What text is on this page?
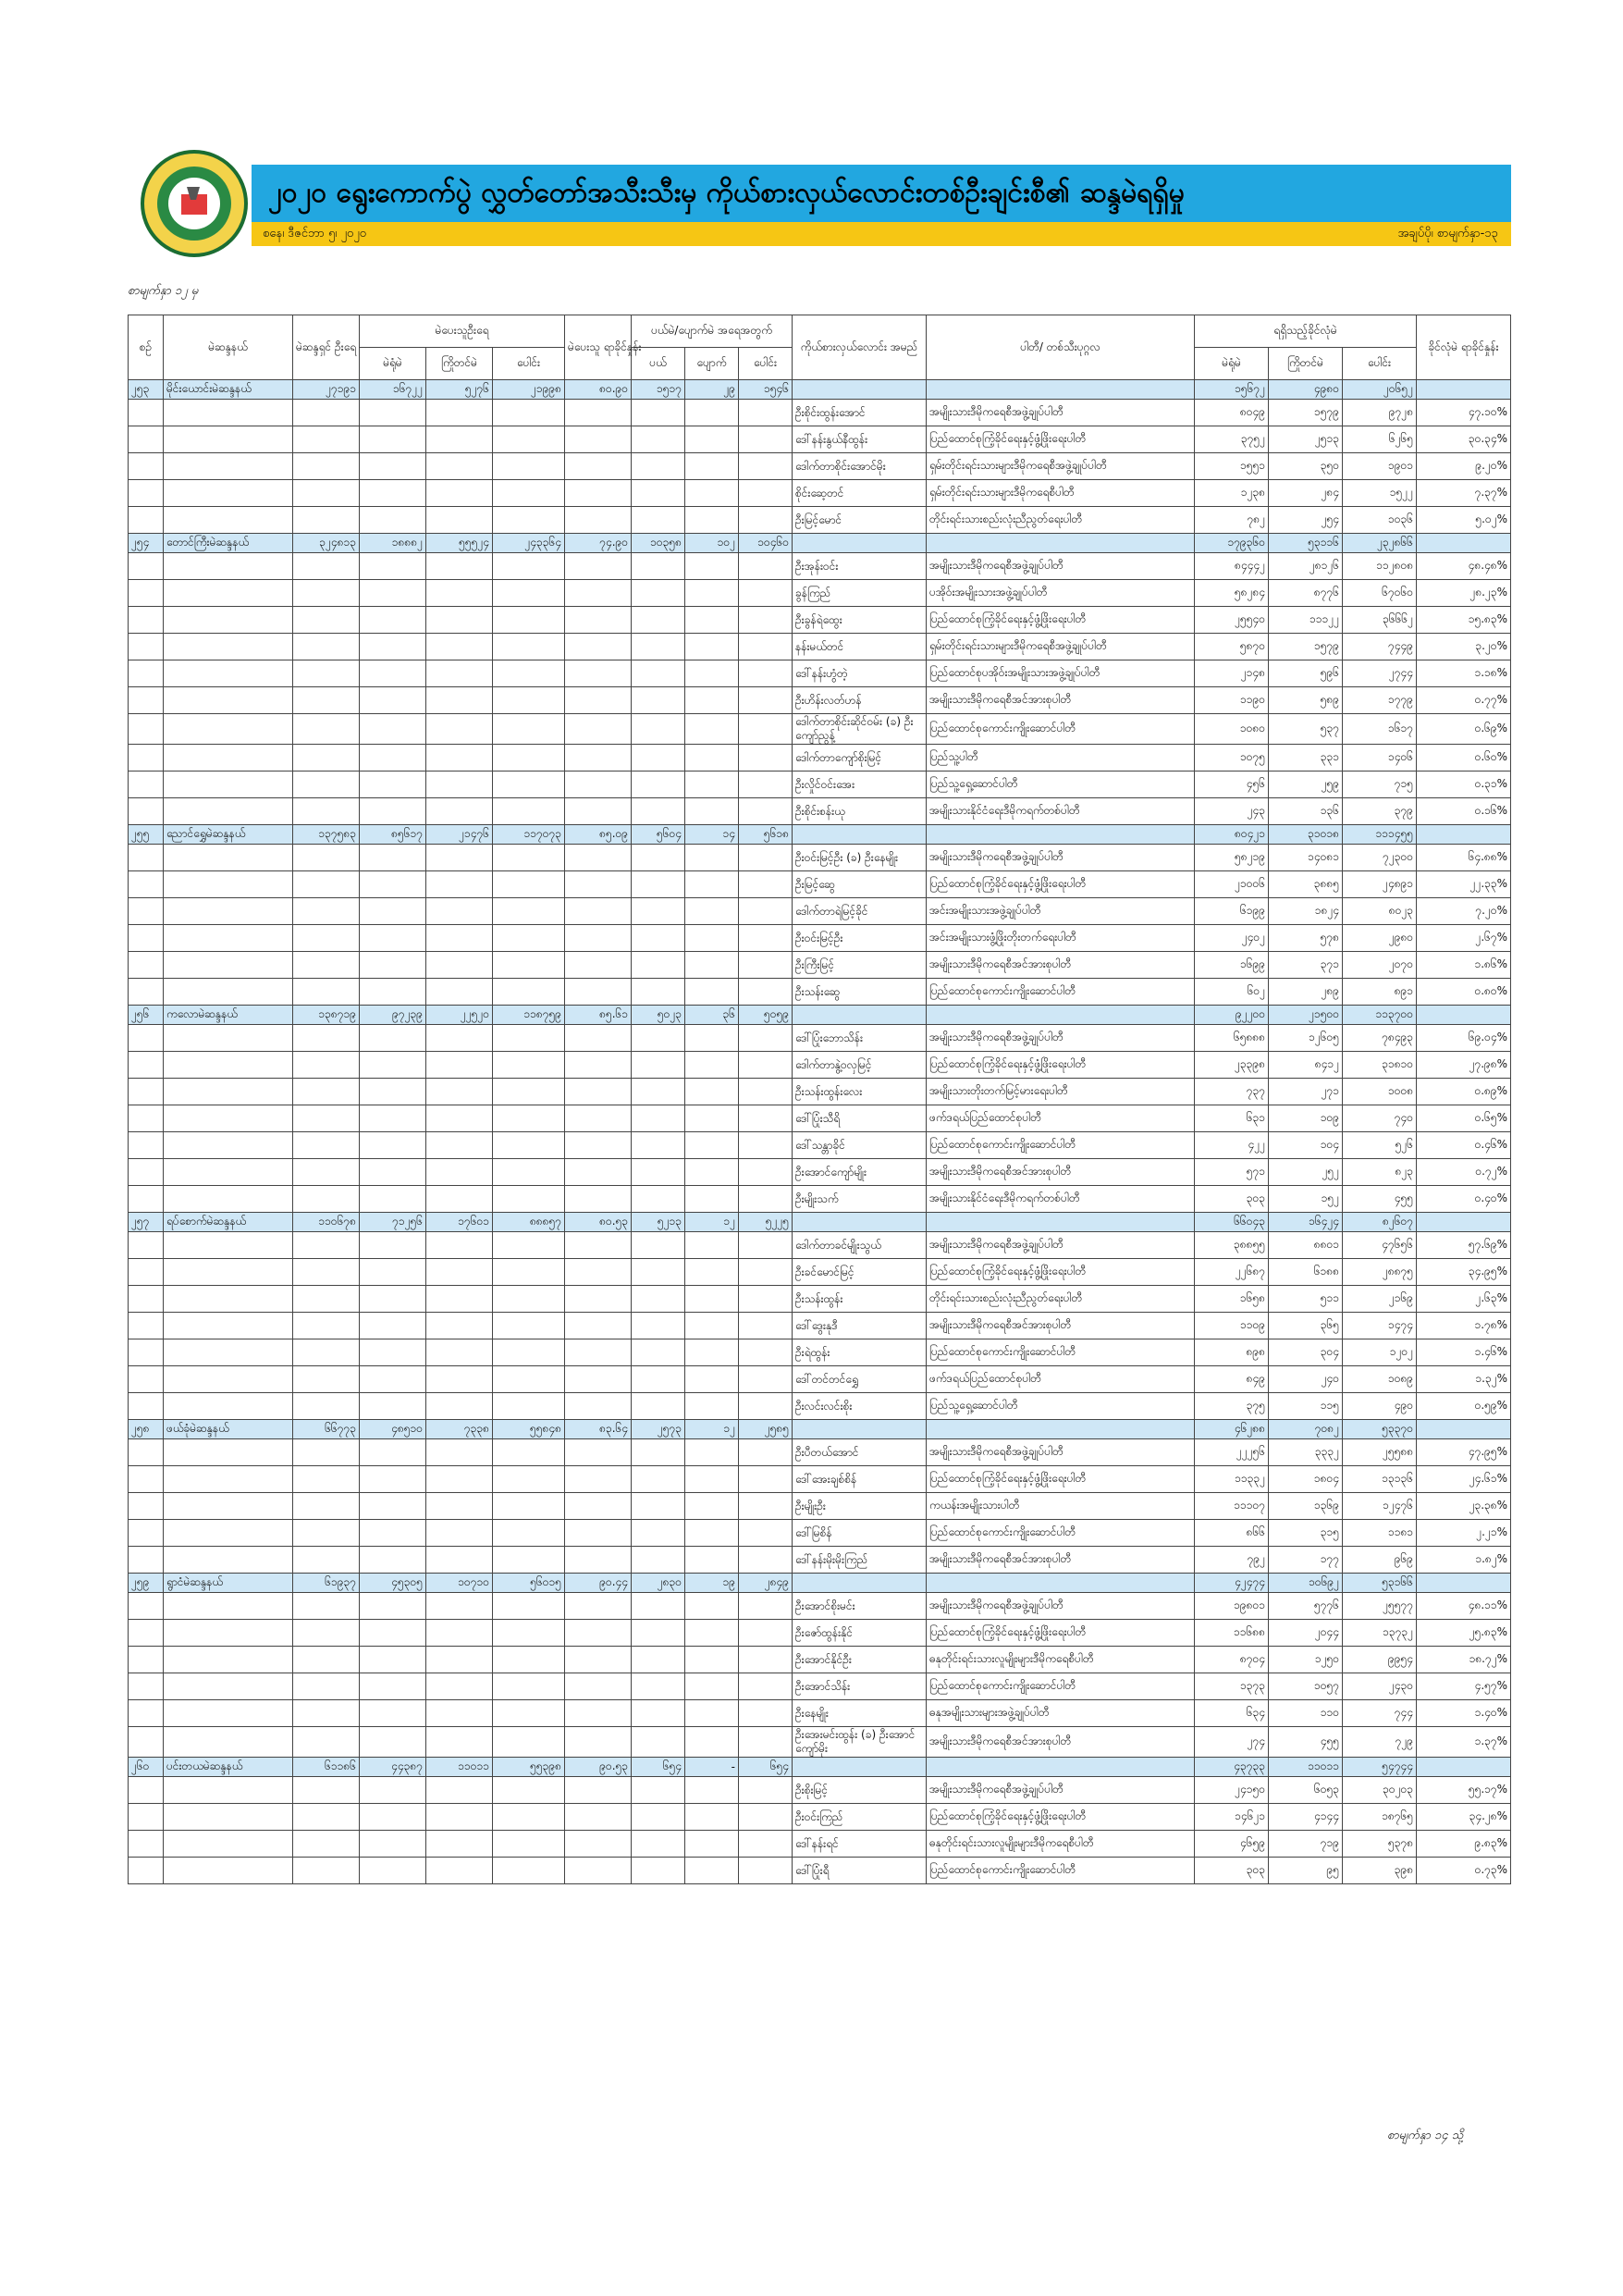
၂၀၂၀ ရွေးကောက်ပွဲ လွှတ်တော်အသီးသီးမှ ကိုယ်စားလှယ်လောင်းတစ်ဦးချင်းစီ၏ ဆန္ဒမဲရရှိမှု
စနေ၊ ဒီဇင်ဘာ ၅၊ ၂၀၂၀	အချပ်ပို၊ စာမျက်နှာ-၁၃
စာမျက်နှာ ၁၂ မှ
စဉ်	မဲဆန္ဒနယ်	မဲဆန္ဒရှင် ဦးရေ	မဲပေးသူဦးရေ			မဲပေးသူ ရာခိုင်နှုန်း	ပယ်မဲ/ပျောက်မဲ အရေအတွက်			ကိုယ်စားလှယ်လောင်း အမည်	ပါတီ/ တစ်သီးပုဂ္ဂလ	ရရှိသည့်ခိုင်လုံမဲ			ခိုင်လုံမဲ ရာခိုင်နှုန်း
			မဲရုံမဲ	ကြိုတင်မဲ	ပေါင်း		ပယ်	ပျောက်	ပေါင်း			မဲရုံမဲ	ကြိုတင်မဲ	ပေါင်း	
၂၅၃	မိုင်းယောင်းမဲဆန္ဒနယ်	၂၇၁၉၁	၁၆၇၂၂	၅၂၇၆	၂၁၉၉၈	၈၀.၉၀	၁၅၁၇	၂၉	၁၅၄၆			၁၅၆၇၂	၄၉၈၀	၂၀၆၅၂	
										ဦးစိုင်းထွန်းအောင်	အမျိုးသားဒီမိုကရေစီအဖွဲ့ချုပ်ပါတီ	၈၀၄၉	၁၅၇၉	၉၇၂၈	၄၇.၁၀%
										ဒေါ်နန်းနွယ်နီထွန်း	ပြည်ထောင်စုကြံ့ခိုင်ရေးနှင့်ဖွံ့ဖြိုးရေးပါတီ	၃၇၅၂	၂၅၁၃	၆၂၆၅	၃၀.၃၄%
										ဒေါက်တာစိုင်းအောင်မိုး	ရှမ်းတိုင်းရင်းသားများဒီမိုကရေစီအဖွဲ့ချုပ်ပါတီ	၁၅၅၁	၃၅၀	၁၉၀၁	၉.၂၀%
										စိုင်းဆေ့တင်	ရှမ်းတိုင်းရင်းသားများဒီမိုကရေစီပါတီ	၁၂၃၈	၂၈၄	၁၅၂၂	၇.၃၇%
										ဦးမြင့်မောင်	တိုင်းရင်းသားစည်းလုံးညီညွတ်ရေးပါတီ	၇၈၂	၂၅၄	၁၀၃၆	၅.၀၂%
၂၅၄	တောင်ကြီးမဲဆန္ဒနယ်	၃၂၄၈၁၃	၁၈၈၈၂	၅၅၅၂၄	၂၄၃၃၆၄	၇၄.၉၀	၁၀၃၅၈	၁၀၂	၁၀၄၆၀			၁၇၉၃၆၀	၅၃၁၁၆	၂၃၂၈၆၆	
										ဦးအုန်းဝင်း	အမျိုးသားဒီမိုကရေစီအဖွဲ့ချုပ်ပါတီ	၈၄၄၄၂	၂၈၁၂၆	၁၁၂၈၀၈	၄၈.၄၈%
										ခွန်ကြည်	ပအိုဝ်းအမျိုးသားအဖွဲ့ချုပ်ပါတီ	၅၈၂၈၄	၈၇၇၆	၆၇၀၆၀	၂၈.၂၃%
										ဦးခွန်ရဲထွေး	ပြည်ထောင်စုကြံ့ခိုင်ရေးနှင့်ဖွံ့ဖြိုးရေးပါတီ	၂၅၅၄၀	၁၁၁၂၂	၃၆၆၆၂	၁၅.၈၃%
										နန်းမယ်တင်	ရှမ်းတိုင်းရင်းသားများဒီမိုကရေစီအဖွဲ့ချုပ်ပါတီ	၅၈၇၀	၁၅၇၉	၇၄၄၉	၃.၂၀%
										ဒေါ်နန်းဟွံတဲ့	ပြည်ထောင်စုပအိုဝ်းအမျိုးသားအဖွဲ့ချုပ်ပါတီ	၂၁၄၈	၅၉၆	၂၇၄၄	၁.၁၈%
										ဦးဟိန်းလတ်ဟန်	အမျိုးသားဒီမိုကရေစီအင်အားစုပါတီ	၁၁၉၀	၅၈၉	၁၇၇၉	၀.၇၇%
										ဒေါက်တာစိုင်းဆိုင်ဝမ်း (ခ) ဦးကျော်ညွန့်	ပြည်ထောင်စုကောင်းကျိုးဆောင်ပါတီ	၁၀၈၀	၅၃၇	၁၆၁၇	၀.၆၉%
										ဒေါက်တာကျော်စိုးမြင့်	ပြည်သူ့ပါတီ	၁၀၇၅	၃၃၁	၁၄၀၆	၀.၆၀%
										ဦးလှိုင်ဝင်းအေး	ပြည်သူ့ရှေ့ဆောင်ပါတီ	၄၅၆	၂၅၉	၇၁၅	၀.၃၁%
										ဦးစိုင်းစန်းယု	အမျိုးသားနိုင်ငံရေးဒီမိုကရက်တစ်ပါတီ	၂၄၃	၁၃၆	၃၇၉	၀.၁၆%
၂၅၅	ညောင်ရွှေမဲဆန္ဒနယ်	၁၃၇၅၈၃	၈၅၆၁၇	၂၁၄၇၆	၁၁၇၀၇၃	၈၅.၀၉	၅၆၀၄	၁၄	၅၆၁၈			၈၀၄၂၁	၃၁၀၁၈	၁၁၁၄၅၅	
										ဦးဝင်းမြင့်ဦး (ခ) ဦးနေမျိုး	အမျိုးသားဒီမိုကရေစီအဖွဲ့ချုပ်ပါတီ	၅၈၂၁၉	၁၄၀၈၁	၇၂၃၀၀	၆၄.၈၈%
										ဦးမြင့်ဆွေ	ပြည်ထောင်စုကြံ့ခိုင်ရေးနှင့်ဖွံ့ဖြိုးရေးပါတီ	၂၁၀၀၆	၃၈၈၅	၂၄၈၉၁	၂၂.၃၃%
										ဒေါက်တာရဲမြင့်ခိုင်	အင်းအမျိုးသားအဖွဲ့ချုပ်ပါတီ	၆၁၉၉	၁၈၂၄	၈၀၂၃	၇.၂၀%
										ဦးဝင်းမြင့်ဦး	အင်းအမျိုးသားဖွံ့ဖြိုးတိုးတက်ရေးပါတီ	၂၄၀၂	၅၇၈	၂၉၈၀	၂.၆၇%
										ဦးကြီးမြင့်	အမျိုးသားဒီမိုကရေစီအင်အားစုပါတီ	၁၆၉၉	၃၇၁	၂၀၇၀	၁.၈၆%
										ဦးသန်းဆွေ	ပြည်ထောင်စုကောင်းကျိုးဆောင်ပါတီ	၆၀၂	၂၈၉	၈၉၁	၀.၈၀%
၂၅၆	ကလောမဲဆန္ဒနယ်	၁၃၈၇၁၉	၉၇၂၃၉	၂၂၅၂၀	၁၁၈၇၅၉	၈၅.၆၁	၅၀၂၃	၃၆	၅၀၅၉			၉၂၂၀၀	၂၁၅၀၀	၁၁၃၇၀၀	
										ဒေါ်ပြုံးဘောသိန်း	အမျိုးသားဒီမိုကရေစီအဖွဲ့ချုပ်ပါတီ	၆၅၈၈၈	၁၂၆၀၅	၇၈၄၉၃	၆၉.၀၄%
										ဒေါက်တာနွဲ့ဝလှမြင့်	ပြည်ထောင်စုကြံ့ခိုင်ရေးနှင့်ဖွံ့ဖြိုးရေးပါတီ	၂၃၃၉၈	၈၄၁၂	၃၁၈၁၀	၂၇.၉၈%
										ဦးသန်းထွန်းလေး	အမျိုးသားတိုးတက်မြင့်မားရေးပါတီ	၇၃၇	၂၇၁	၁၀၀၈	၀.၈၉%
										ဒေါ်ပြုံးသီရိ	ဖက်ဒရယ်ပြည်ထောင်စုပါတီ	၆၃၁	၁၀၉	၇၄၀	၀.၆၅%
										ဒေါ်သန္တာခိုင်	ပြည်ထောင်စုကောင်းကျိုးဆောင်ပါတီ	၄၂၂	၁၀၄	၅၂၆	၀.၄၆%
										ဦးအောင်ကျော်မျိုး	အမျိုးသားဒီမိုကရေစီအင်အားစုပါတီ	၅၇၁	၂၅၂	၈၂၃	၀.၇၂%
										ဦးမျိုးသက်	အမျိုးသားနိုင်ငံရေးဒီမိုကရက်တစ်ပါတီ	၃၀၃	၁၅၂	၄၅၅	၀.၄၀%
၂၅၇	ရပ်စောက်မဲဆန္ဒနယ်	၁၁၀၆၇၈	၇၁၂၅၆	၁၇၆၀၁	၈၈၈၅၇	၈၀.၅၃	၅၂၁၃	၁၂	၅၂၂၅			၆၆၀၄၃	၁၆၄၂၄	၈၂၆၀၇	
										ဒေါက်တာခင်မျိုးသွယ်	အမျိုးသားဒီမိုကရေစီအဖွဲ့ချုပ်ပါတီ	၃၈၈၅၅	၈၈၀၁	၄၇၆၅၆	၅၇.၆၉%
										ဦးခင်မောင်မြင့်	ပြည်ထောင်စုကြံ့ခိုင်ရေးနှင့်ဖွံ့ဖြိုးရေးပါတီ	၂၂၆၈၇	၆၁၈၈	၂၈၈၇၅	၃၄.၉၅%
										ဦးသန်းထွန်း	တိုင်းရင်းသားစည်းလုံးညီညွတ်ရေးပါတီ	၁၆၅၈	၅၁၁	၂၁၆၉	၂.၆၃%
										ဒေါ်ဒွေးနုဒီ	အမျိုးသားဒီမိုကရေစီအင်အားစုပါတီ	၁၁၀၉	၃၆၅	၁၄၇၄	၁.၇၈%
										ဦးရဲထွန်း	ပြည်ထောင်စုကောင်းကျိုးဆောင်ပါတီ	၈၉၈	၃၀၄	၁၂၀၂	၁.၄၆%
										ဒေါ်တင်တင်ရွှေ	ဖက်ဒရယ်ပြည်ထောင်စုပါတီ	၈၄၉	၂၄၀	၁၀၈၉	၁.၃၂%
										ဦးလင်းလင်းစိုး	ပြည်သူ့ရှေ့ဆောင်ပါတီ	၃၇၅	၁၁၅	၄၉၀	၀.၅၉%
၂၅၈	ဖယ်ခုံမဲဆန္ဒနယ်	၆၆၇၇၃	၄၈၅၁၀	၇၃၃၈	၅၅၈၄၈	၈၃.၆၄	၂၅၇၃	၁၂	၂၅၈၅			၄၆၂၈၈	၇၀၈၂	၅၃၃၇၀	
										ဦးပီတယ်အောင်	အမျိုးသားဒီမိုကရေစီအဖွဲ့ချုပ်ပါတီ	၂၂၂၅၆	၃၃၃၂	၂၅၅၈၈	၄၇.၉၅%
										ဒေါ်အေးချစ်စိန်	ပြည်ထောင်စုကြံ့ခိုင်ရေးနှင့်ဖွံ့ဖြိုးရေးပါတီ	၁၁၃၃၂	၁၈၀၄	၁၃၁၃၆	၂၄.၆၁%
										ဦးမျိုးဦး	ကယန်းအမျိုးသားပါတီ	၁၁၁၀၇	၁၃၆၉	၁၂၄၇၆	၂၃.၃၈%
										ဒေါ်မြစိန်	ပြည်ထောင်စုကောင်းကျိုးဆောင်ပါတီ	၈၆၆	၃၁၅	၁၁၈၁	၂.၂၁%
										ဒေါ်နန်းမိုးမိုးကြည်	အမျိုးသားဒီမိုကရေစီအင်အားစုပါတီ	၇၉၂	၁၇၇	၉၆၉	၁.၈၂%
၂၅၉	ရွာငံမဲဆန္ဒနယ်	၆၁၉၃၇	၄၅၃၀၅	၁၀၇၁၀	၅၆၀၁၅	၉၀.၄၄	၂၈၃၀	၁၉	၂၈၄၉			၄၂၄၇၄	၁၀၆၉၂	၅၃၁၆၆	
										ဦးအောင်စိုးမင်း	အမျိုးသားဒီမိုကရေစီအဖွဲ့ချုပ်ပါတီ	၁၉၈၀၁	၅၇၇၆	၂၅၅၇၇	၄၈.၁၁%
										ဦးဇော်ထွန်းနိုင်	ပြည်ထောင်စုကြံ့ခိုင်ရေးနှင့်ဖွံ့ဖြိုးရေးပါတီ	၁၁၆၈၈	၂၀၄၄	၁၃၇၃၂	၂၅.၈၃%
										ဦးအောင်နိုင်ဦး	ဓနုတိုင်းရင်းသားလူမျိုးများဒီမိုကရေစီပါတီ	၈၇၀၄	၁၂၅၀	၉၉၅၄	၁၈.၇၂%
										ဦးအောင်သိန်း	ပြည်ထောင်စုကောင်းကျိုးဆောင်ပါတီ	၁၃၇၃	၁၀၅၇	၂၄၃၀	၄.၅၇%
										ဦးနေမျိုး	ဓနုအမျိုးသားများအဖွဲ့ချုပ်ပါတီ	၆၃၄	၁၁၀	၇၄၄	၁.၄၀%
										ဦးအေးမင်းထွန်း (ခ) ဦးအောင်ကျော်မိုး	အမျိုးသားဒီမိုကရေစီအင်အားစုပါတီ	၂၇၄	၄၅၅	၇၂၉	၁.၃၇%
၂၆၀	ပင်းတယမဲဆန္ဒနယ်	၆၁၁၈၆	၄၄၃၈၇	၁၁၀၁၁	၅၅၃၉၈	၉၀.၅၃	၆၅၄	-	၆၅၄			၄၃၇၃၃	၁၁၀၁၁	၅၄၇၄၄	
										ဦးစိုးမြင့်	အမျိုးသားဒီမိုကရေစီအဖွဲ့ချုပ်ပါတီ	၂၄၁၅၀	၆၀၅၃	၃၀၂၀၃	၅၅.၁၇%
										ဦးဝင်းကြည်	ပြည်ထောင်စုကြံ့ခိုင်ရေးနှင့်ဖွံ့ဖြိုးရေးပါတီ	၁၄၆၂၁	၄၁၄၄	၁၈၇၆၅	၃၄.၂၈%
										ဒေါ်နန်းရင်	ဓနုတိုင်းရင်းသားလူမျိုးများဒီမိုကရေစီပါတီ	၄၆၅၉	၇၁၉	၅၃၇၈	၉.၈၃%
										ဒေါ်ပြုံးရီ	ပြည်ထောင်စုကောင်းကျိုးဆောင်ပါတီ	၃၀၃	၉၅	၃၉၈	၀.၇၃%
စာမျက်နှာ ၁၄ သို့
